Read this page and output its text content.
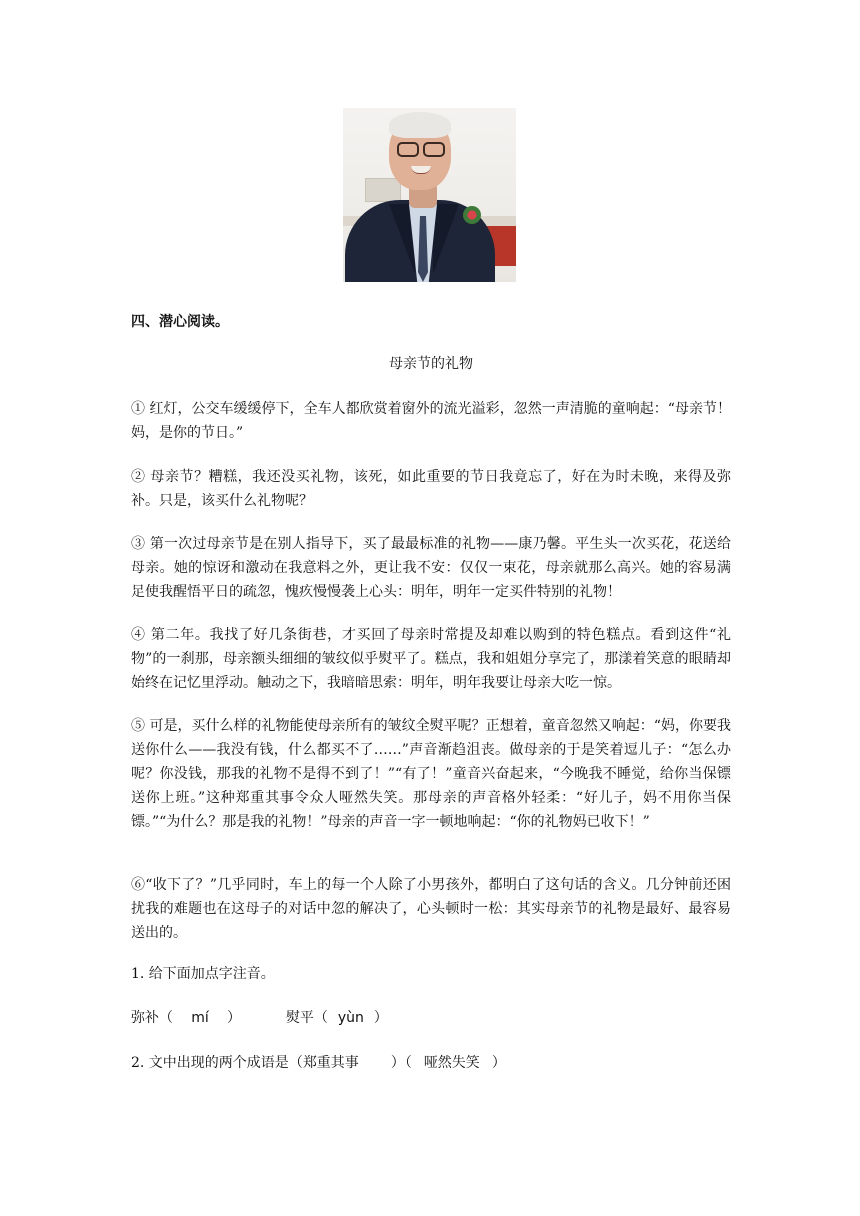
四、潜心阅读。

母亲节的礼物

① 红灯，公交车缓缓停下，全车人都欣赏着窗外的流光溢彩，忽然一声清脆的童响起：“母亲节！妈，是你的节日。”

② 母亲节？糟糕，我还没买礼物，该死，如此重要的节日我竟忘了，好在为时未晚，来得及弥补。只是，该买什么礼物呢？

③ 第一次过母亲节是在别人指导下，买了最最标准的礼物——康乃馨。平生头一次买花，花送给母亲。她的惊讶和激动在我意料之外，更让我不安：仅仅一束花，母亲就那么高兴。她的容易满足使我醒悟平日的疏忽，愧疚慢慢袭上心头：明年，明年一定买件特别的礼物！

④ 第二年。我找了好几条街巷，才买回了母亲时常提及却难以购到的特色糕点。看到这件“礼物”的一刹那，母亲额头细细的皱纹似乎熨平了。糕点，我和姐姐分享完了，那漾着笑意的眼睛却始终在记忆里浮动。触动之下，我暗暗思索：明年，明年我要让母亲大吃一惊。

⑤ 可是，买什么样的礼物能使母亲所有的皱纹全熨平呢？正想着，童音忽然又响起：“妈，你要我送你什么——我没有钱，什么都买不了……”声音渐趋沮丧。做母亲的于是笑着逗儿子：“怎么办呢？你没钱，那我的礼物不是得不到了！”“有了！”童音兴奋起来，“今晚我不睡觉，给你当保镖送你上班。”这种郑重其事令众人哑然失笑。那母亲的声音格外轻柔：“好儿子，妈不用你当保镖。”“为什么？那是我的礼物！”母亲的声音一字一顿地响起：“你的礼物妈已收下！”

⑥“收下了？”几乎同时，车上的每一个人除了小男孩外，都明白了这句话的含义。几分钟前还困扰我的难题也在这母子的对话中忽的解决了，心头顿时一松：其实母亲节的礼物是最好、最容易送出的。

1. 给下面加点字注音。

弥补（ mí ）	熨平（ yùn ）
2. 文中出现的两个成语是（郑重其事 ）（ 哑然失笑 ）
